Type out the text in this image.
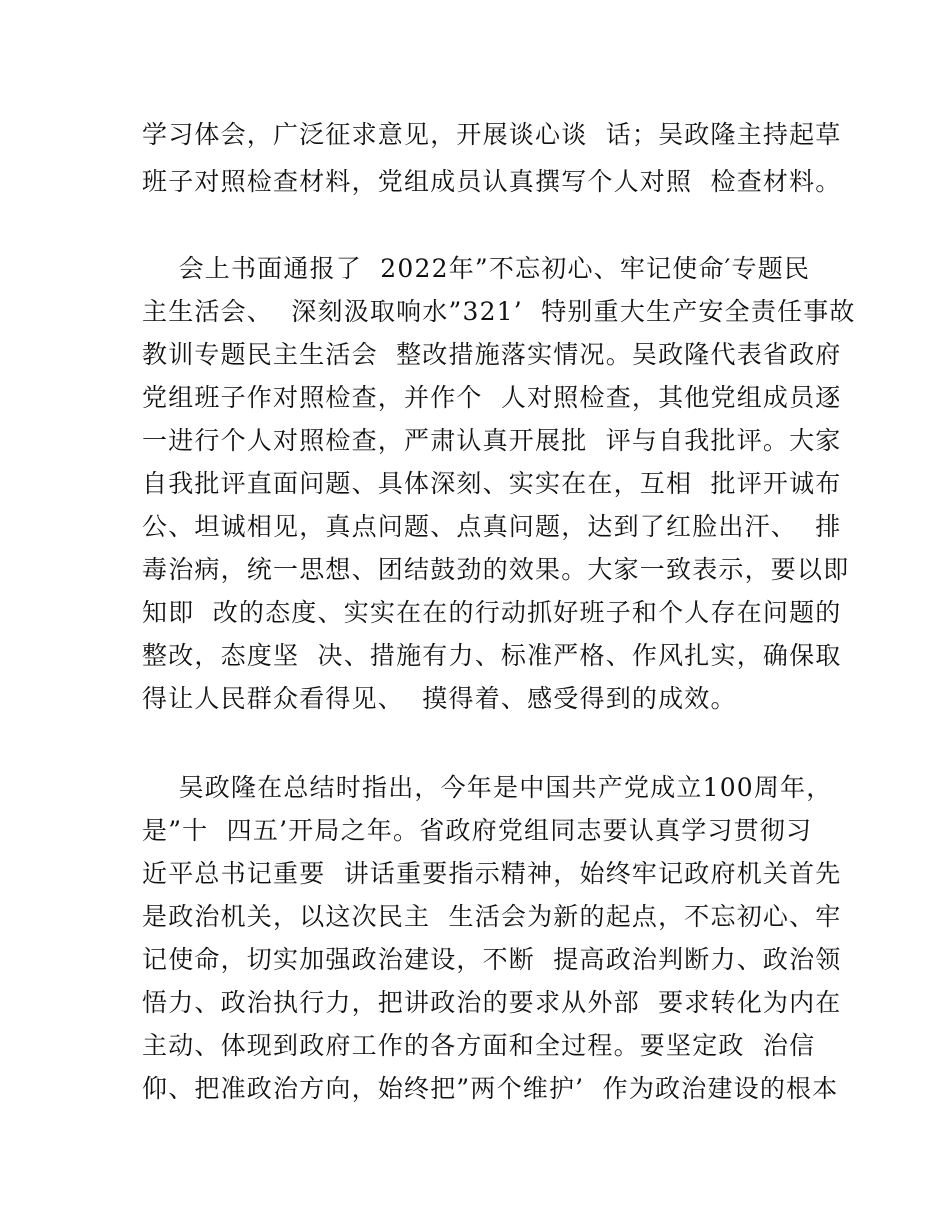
学习体会，广泛征求意见，开展谈心谈  话；吴政隆主持起草
班子对照检查材料，党组成员认真撰写个人对照  检查材料。
会上书面通报了  2022年”不忘初心、牢记使命′专题民
主生活会、  深刻汲取响水”321’  特别重大生产安全责任事故
教训专题民主生活会  整改措施落实情况。吴政隆代表省政府
党组班子作对照检查，并作个  人对照检查，其他党组成员逐
一进行个人对照检查，严肃认真开展批  评与自我批评。大家
自我批评直面问题、具体深刻、实实在在，互相  批评开诚布
公、坦诚相见，真点问题、点真问题，达到了红脸出汗、  排
毒治病，统一思想、团结鼓劲的效果。大家一致表示，要以即
知即  改的态度、实实在在的行动抓好班子和个人存在问题的
整改，态度坚  决、措施有力、标准严格、作风扎实，确保取
得让人民群众看得见、  摸得着、感受得到的成效。
吴政隆在总结时指出，今年是中国共产党成立100周年，
是”十  四五’开局之年。省政府党组同志要认真学习贯彻习
近平总书记重要  讲话重要指示精神，始终牢记政府机关首先
是政治机关，以这次民主  生活会为新的起点，不忘初心、牢
记使命，切实加强政治建设，不断  提高政治判断力、政治领
悟力、政治执行力，把讲政治的要求从外部  要求转化为内在
主动、体现到政府工作的各方面和全过程。要坚定政  治信
仰、把准政治方向，始终把”两个维护’  作为政治建设的根本
